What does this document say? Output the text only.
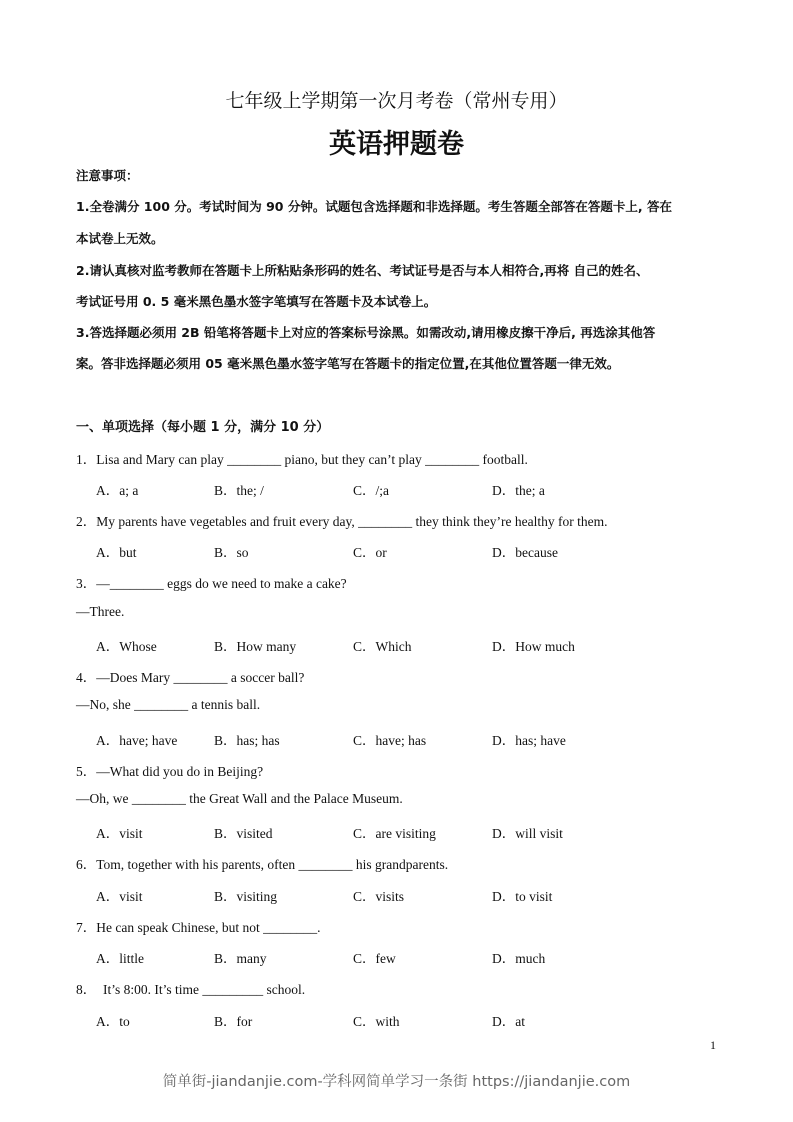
七年级上学期第一次月考卷（常州专用）
英语押题卷
注意事项：
1.全卷满分 100 分。考试时间为 90 分钟。试题包含选择题和非选择题。考生答题全部答在答题卡上, 答在
本试卷上无效。
2.请认真核对监考教师在答题卡上所粘贴条形码的姓名、考试证号是否与本人相符合,再将 自己的姓名、
考试证号用 0. 5 毫米黑色墨水签字笔填写在答题卡及本试卷上。
3.答选择题必须用 2B 铅笔将答题卡上对应的答案标号涂黑。如需改动,请用橡皮擦干净后, 再选涂其他答
案。答非选择题必须用 05 毫米黑色墨水签字笔写在答题卡的指定位置,在其他位置答题一律无效。
一、单项选择（每小题 1 分，满分 10 分）
1．Lisa and Mary can play ________ piano, but they can’t play ________ football.
A．a; a	B．the; /	C．/;a	D．the; a
2．My parents have vegetables and fruit every day, ________ they think they’re healthy for them.
A．but	B．so	C．or	D．because
3．—________ eggs do we need to make a cake?
—Three.
A．Whose	B．How many	C．Which	D．How much
4．—Does Mary ________ a soccer ball?
—No, she ________ a tennis ball.
A．have; have	B．has; has	C．have; has	D．has; have
5．—What did you do in Beijing?
—Oh, we ________ the Great Wall and the Palace Museum.
A．visit	B．visited	C．are visiting	D．will visit
6．Tom, together with his parents, often ________ his grandparents.
A．visit	B．visiting	C．visits	D．to visit
7．He can speak Chinese, but not ________.
A．little	B．many	C．few	D．much
8．  It’s 8:00. It’s time _________ school.
A．to	B．for	C．with	D．at
1
简单街-jiandanjie.com-学科网简单学习一条街 https://jiandanjie.com
